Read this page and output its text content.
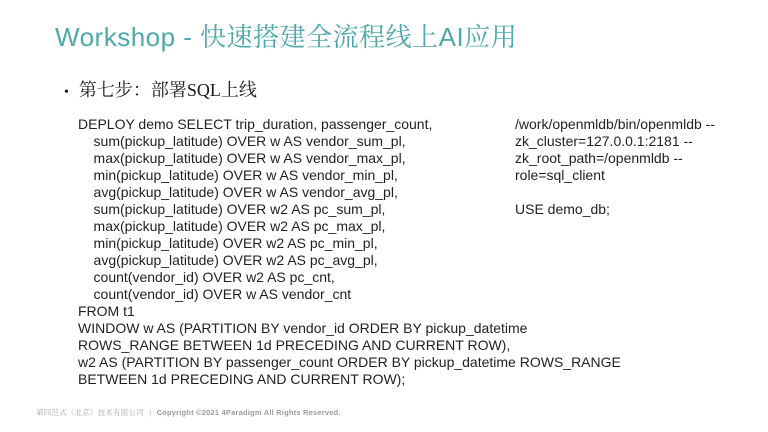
Workshop - 快速搭建全流程线上AI应用
• 第七步：部署SQL上线
DEPLOY demo SELECT trip_duration, passenger_count,
sum(pickup_latitude) OVER w AS vendor_sum_pl,
max(pickup_latitude) OVER w AS vendor_max_pl,
min(pickup_latitude) OVER w AS vendor_min_pl,
avg(pickup_latitude) OVER w AS vendor_avg_pl,
sum(pickup_latitude) OVER w2 AS pc_sum_pl,
max(pickup_latitude) OVER w2 AS pc_max_pl,
min(pickup_latitude) OVER w2 AS pc_min_pl,
avg(pickup_latitude) OVER w2 AS pc_avg_pl,
count(vendor_id) OVER w2 AS pc_cnt,
count(vendor_id) OVER w AS vendor_cnt
FROM t1
WINDOW w AS (PARTITION BY vendor_id ORDER BY pickup_datetime
ROWS_RANGE BETWEEN 1d PRECEDING AND CURRENT ROW),
w2 AS (PARTITION BY passenger_count ORDER BY pickup_datetime ROWS_RANGE
BETWEEN 1d PRECEDING AND CURRENT ROW);
/work/openmldb/bin/openmldb --
zk_cluster=127.0.0.1:2181 --
zk_root_path=/openmldb --
role=sql_client
USE demo_db;
第四范式（北京）技术有限公司 | Copyright ©2021 4Paradigm All Rights Reserved.
